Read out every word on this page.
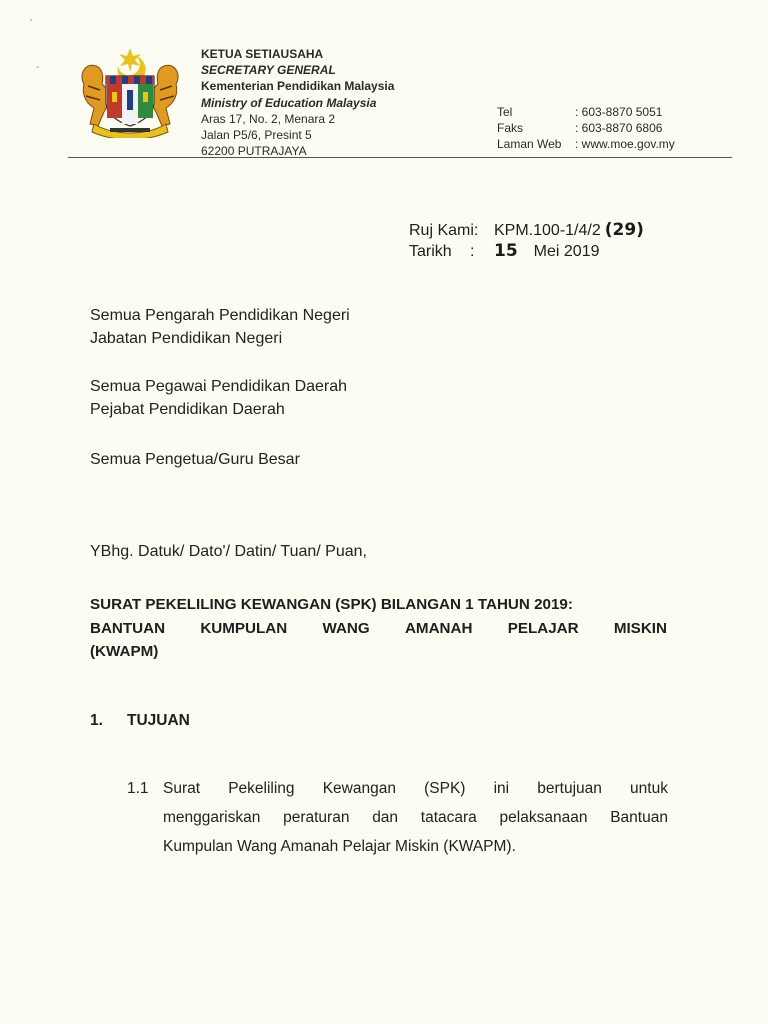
KETUA SETIAUSAHA
SECRETARY GENERAL
Kementerian Pendidikan Malaysia
Ministry of Education Malaysia
Aras 17, No. 2, Menara 2
Jalan P5/6, Presint 5
62200 PUTRAJAYA
Tel	: 603-8870 5051
Faks	: 603-8870 6806
Laman Web	: www.moe.gov.my
Ruj Kami: KPM.100-1/4/2 (29)
Tarikh	:	15 Mei 2019
Semua Pengarah Pendidikan Negeri
Jabatan Pendidikan Negeri
Semua Pegawai Pendidikan Daerah
Pejabat Pendidikan Daerah
Semua Pengetua/Guru Besar
YBhg. Datuk/ Dato'/ Datin/ Tuan/ Puan,
SURAT PEKELILING KEWANGAN (SPK) BILANGAN 1 TAHUN 2019:
BANTUAN KUMPULAN WANG AMANAH PELAJAR MISKIN
(KWAPM)
1. TUJUAN
1.1 Surat Pekeliling Kewangan (SPK) ini bertujuan untuk
menggariskan peraturan dan tatacara pelaksanaan Bantuan
Kumpulan Wang Amanah Pelajar Miskin (KWAPM).
'
-
